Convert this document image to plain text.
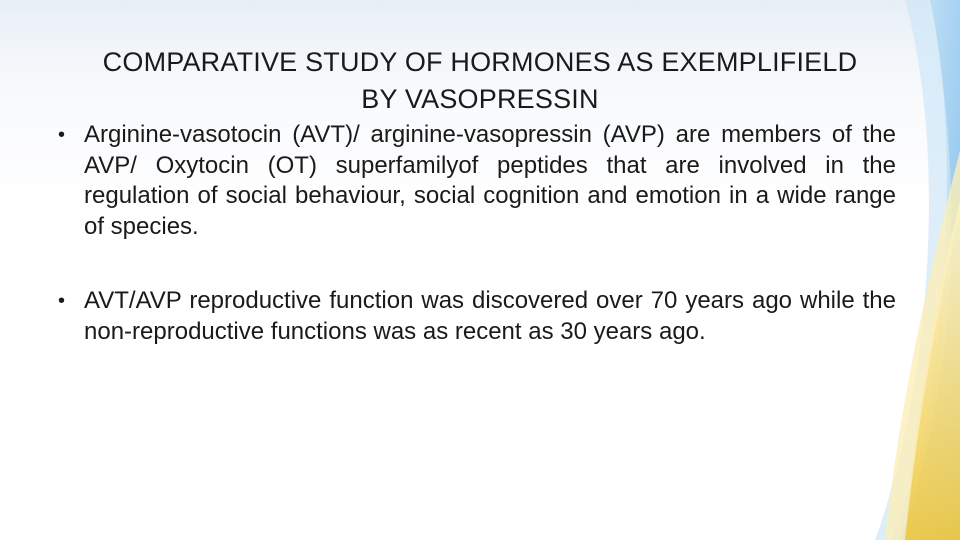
COMPARATIVE STUDY OF HORMONES AS EXEMPLIFIELD BY VASOPRESSIN
• Arginine-vasotocin (AVT)/ arginine-vasopressin (AVP) are members of the AVP/ Oxytocin (OT) superfamilyof peptides that are involved in the regulation of social behaviour, social cognition and emotion in a wide range of species.
• AVT/AVP reproductive function was discovered over 70 years ago while the non-reproductive functions was as recent as 30 years ago.
